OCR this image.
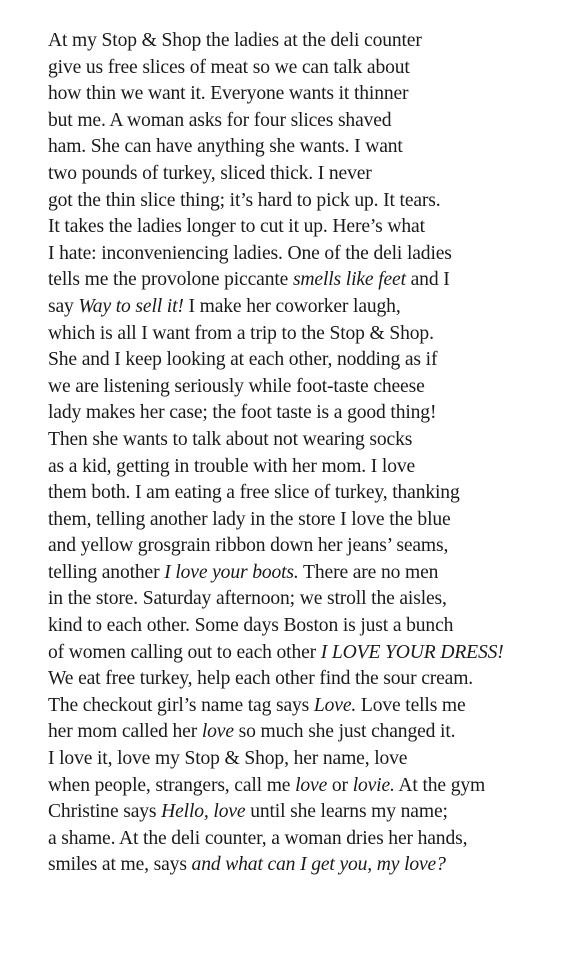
At my Stop & Shop the ladies at the deli counter
give us free slices of meat so we can talk about
how thin we want it. Everyone wants it thinner
but me. A woman asks for four slices shaved
ham. She can have anything she wants. I want
two pounds of turkey, sliced thick. I never
got the thin slice thing; it’s hard to pick up. It tears.
It takes the ladies longer to cut it up. Here’s what
I hate: inconveniencing ladies. One of the deli ladies
tells me the provolone piccante smells like feet and I
say Way to sell it! I make her coworker laugh,
which is all I want from a trip to the Stop & Shop.
She and I keep looking at each other, nodding as if
we are listening seriously while foot-taste cheese
lady makes her case; the foot taste is a good thing!
Then she wants to talk about not wearing socks
as a kid, getting in trouble with her mom. I love
them both. I am eating a free slice of turkey, thanking
them, telling another lady in the store I love the blue
and yellow grosgrain ribbon down her jeans’ seams,
telling another I love your boots. There are no men
in the store. Saturday afternoon; we stroll the aisles,
kind to each other. Some days Boston is just a bunch
of women calling out to each other I LOVE YOUR DRESS!
We eat free turkey, help each other find the sour cream.
The checkout girl’s name tag says Love. Love tells me
her mom called her love so much she just changed it.
I love it, love my Stop & Shop, her name, love
when people, strangers, call me love or lovie. At the gym
Christine says Hello, love until she learns my name;
a shame. At the deli counter, a woman dries her hands,
smiles at me, says and what can I get you, my love?
